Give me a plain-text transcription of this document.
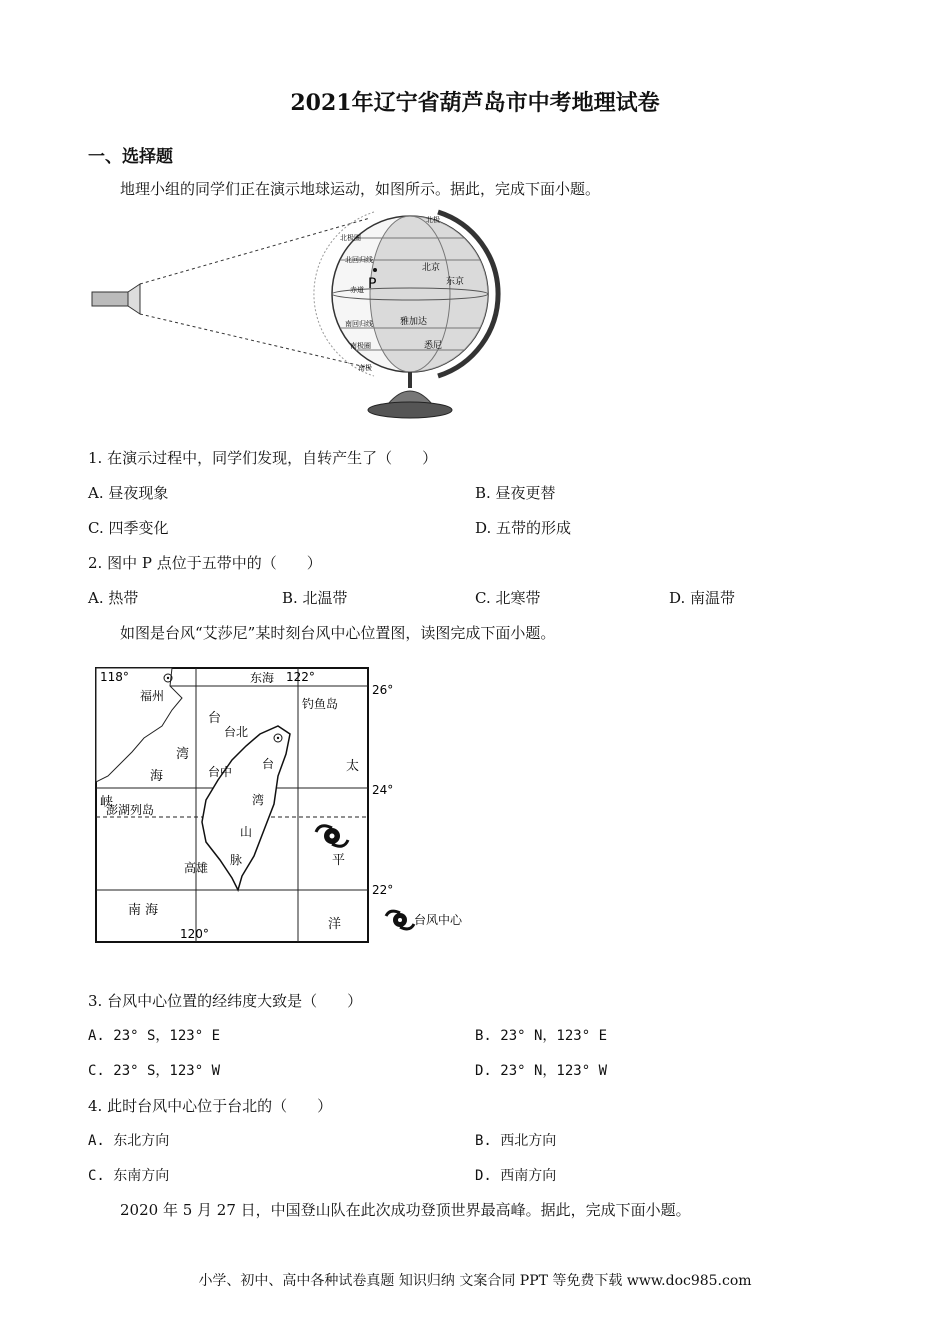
2021年辽宁省葫芦岛市中考地理试卷
一、选择题
地理小组的同学们正在演示地球运动，如图所示。据此，完成下面小题。
北极
北极圈
北回归线
赤道
南回归线
南极圈
南极
北京
东京
雅加达
悉尼
P
1. 在演示过程中，同学们发现，自转产生了（　　）
A. 昼夜现象	B. 昼夜更替
C. 四季变化	D. 五带的形成
2. 图中 P 点位于五带中的（　　）
A. 热带	B. 北温带	C. 北寒带	D. 南温带
如图是台风“艾莎尼”某时刻台风中心位置图，读图完成下面小题。
118°	122°
120°
26°
24°
22°
福州
东海
钓鱼岛
台
湾
海
峡
台北
台中
澎湖列岛
台
湾
山
脉
高雄
太
平
洋
南 海
台风中心
3. 台风中心位置的经纬度大致是（　　）
A. 23° S，123° E	B. 23° N，123° E
C. 23° S，123° W	D. 23° N，123° W
4. 此时台风中心位于台北的（　　）
A. 东北方向	B. 西北方向
C. 东南方向	D. 西南方向
2020 年 5 月 27 日，中国登山队在此次成功登顶世界最高峰。据此，完成下面小题。
小学、初中、高中各种试卷真题 知识归纳 文案合同 PPT 等免费下载 www.doc985.com
